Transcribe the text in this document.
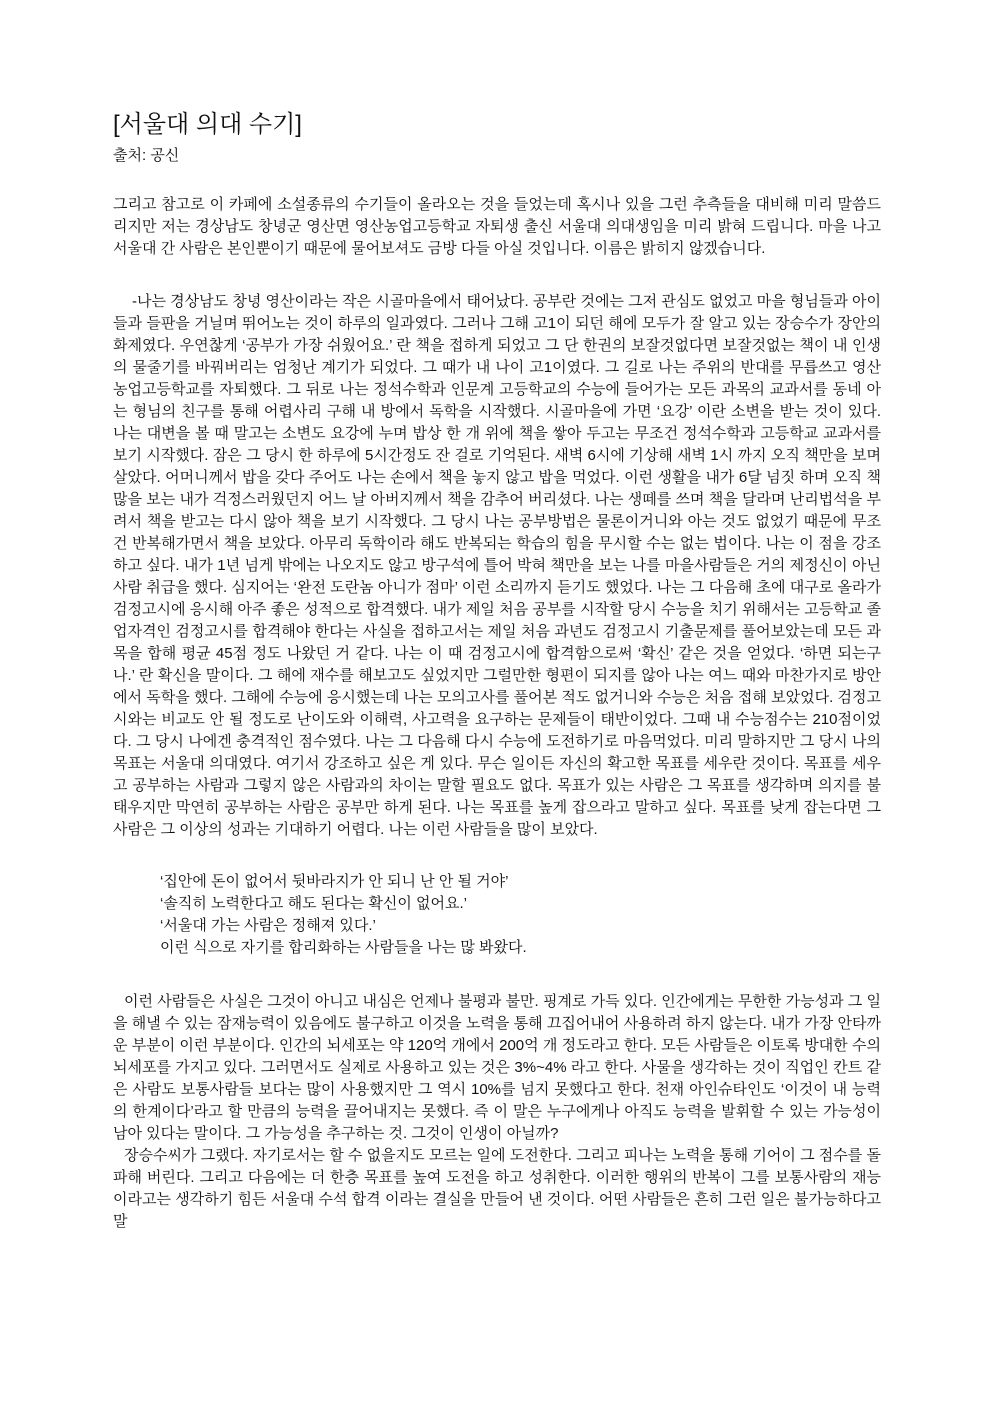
[서울대 의대 수기]
출처: 공신

그리고 참고로 이 카페에 소설종류의 수기들이 올라오는 것을 들었는데 혹시나 있을 그런 추측들을 대비해 미리 말씀드리지만 저는 경상남도 창녕군 영산면 영산농업고등학교 자퇴생 출신 서울대 의대생임을 미리 밝혀 드립니다. 마을 나고 서울대 간 사람은 본인뿐이기 때문에 물어보셔도 금방 다들 아실 것입니다. 이름은 밝히지 않겠습니다.

-나는 경상남도 창녕 영산이라는 작은 시골마을에서 태어났다. 공부란 것에는 그저 관심도 없었고 마을 형님들과 아이들과 들판을 거닐며 뛰어노는 것이 하루의 일과였다. 그러나 그해 고1이 되던 해에 모두가 잘 알고 있는 장승수가 장안의 화제였다. 우연찮게 ‘공부가 가장 쉬웠어요.’ 란 책을 접하게 되었고 그 단 한권의 보잘것없다면 보잘것없는 책이 내 인생의 물줄기를 바꿔버리는 엄청난 계기가 되었다. 그 때가 내 나이 고1이였다. 그 길로 나는 주위의 반대를 무릅쓰고 영산농업고등학교를 자퇴했다. 그 뒤로 나는 정석수학과 인문계 고등학교의 수능에 들어가는 모든 과목의 교과서를 동네 아는 형님의 친구를 통해 어렵사리 구해 내 방에서 독학을 시작했다. 시골마을에 가면 ‘요강’ 이란 소변을 받는 것이 있다. 나는 대변을 볼 때 말고는 소변도 요강에 누며 밥상 한 개 위에 책을 쌓아 두고는 무조건 정석수학과 고등학교 교과서를 보기 시작했다. 잠은 그 당시 한 하루에 5시간정도 잔 걸로 기억된다. 새벽 6시에 기상해 새벽 1시 까지 오직 책만을 보며 살았다. 어머니께서 밥을 갖다 주어도 나는 손에서 책을 놓지 않고 밥을 먹었다. 이런 생활을 내가 6달 넘짓 하며 오직 책 많을 보는 내가 걱정스러웠던지 어느 날 아버지께서 책을 감추어 버리셨다. 나는 생떼를 쓰며 책을 달라며 난리법석을 부려서 책을 받고는 다시 않아 책을 보기 시작했다. 그 당시 나는 공부방법은 물론이거니와 아는 것도 없었기 때문에 무조건 반복해가면서 책을 보았다. 아무리 독학이라 해도 반복되는 학습의 힘을 무시할 수는 없는 법이다. 나는 이 점을 강조하고 싶다. 내가 1년 넘게 밖에는 나오지도 않고 방구석에 틀어 박혀 책만을 보는 나를 마을사람들은 거의 제정신이 아닌 사람 취급을 했다. 심지어는 ‘완전 도란놈 아니가 점마’ 이런 소리까지 듣기도 했었다. 나는 그 다음해 초에 대구로 올라가 검정고시에 응시해 아주 좋은 성적으로 합격했다. 내가 제일 처음 공부를 시작할 당시 수능을 치기 위해서는 고등학교 졸업자격인 검정고시를 합격해야 한다는 사실을 접하고서는 제일 처음 과년도 검정고시 기출문제를 풀어보았는데 모든 과목을 합해 평균 45점 정도 나왔던 거 같다. 나는 이 때 검정고시에 합격함으로써 ‘확신’ 같은 것을 얻었다. ‘하면 되는구나.’ 란 확신을 말이다. 그 해에 재수를 해보고도 싶었지만 그럴만한 형편이 되지를 않아 나는 여느 때와 마찬가지로 방안에서 독학을 했다. 그해에 수능에 응시했는데 나는 모의고사를 풀어본 적도 없거니와 수능은 처음 접해 보았었다. 검정고시와는 비교도 안 될 정도로 난이도와 이해력, 사고력을 요구하는 문제들이 태반이었다. 그때 내 수능점수는 210점이었다. 그 당시 나에겐 충격적인 점수였다. 나는 그 다음해 다시 수능에 도전하기로 마음먹었다. 미리 말하지만 그 당시 나의 목표는 서울대 의대였다. 여기서 강조하고 싶은 게 있다. 무슨 일이든 자신의 확고한 목표를 세우란 것이다. 목표를 세우고 공부하는 사람과 그렇지 않은 사람과의 차이는 말할 필요도 없다. 목표가 있는 사람은 그 목표를 생각하며 의지를 불태우지만 막연히 공부하는 사람은 공부만 하게 된다. 나는 목표를 높게 잡으라고 말하고 싶다. 목표를 낮게 잡는다면 그 사람은 그 이상의 성과는 기대하기 어렵다. 나는 이런 사람들을 많이 보았다.

‘집안에 돈이 없어서 뒷바라지가 안 되니 난 안 될 거야’
‘솔직히 노력한다고 해도 된다는 확신이 없어요.’
‘서울대 가는 사람은 정해져 있다.’
이런 식으로 자기를 합리화하는 사람들을 나는 많 봐왔다.

이런 사람들은 사실은 그것이 아니고 내심은 언제나 불평과 불만. 핑계로 가득 있다. 인간에게는 무한한 가능성과 그 일을 해낼 수 있는 잠재능력이 있음에도 불구하고 이것을 노력을 통해 끄집어내어 사용하려 하지 않는다. 내가 가장 안타까운 부분이 이런 부분이다. 인간의 뇌세포는 약 120억 개에서 200억 개 정도라고 한다. 모든 사람들은 이토록 방대한 수의 뇌세포를 가지고 있다. 그러면서도 실제로 사용하고 있는 것은 3%~4% 라고 한다. 사물을 생각하는 것이 직업인 칸트 같은 사람도 보통사람들 보다는 많이 사용했지만 그 역시 10%를 넘지 못했다고 한다. 천재 아인슈타인도 ‘이것이 내 능력의 한계이다’라고 할 만큼의 능력을 끌어내지는 못했다. 즉 이 말은 누구에게나 아직도 능력을 발휘할 수 있는 가능성이 남아 있다는 말이다. 그 가능성을 추구하는 것. 그것이 인생이 아닐까?

장승수씨가 그랬다. 자기로서는 할 수 없을지도 모르는 일에 도전한다. 그리고 피나는 노력을 통해 기어이 그 점수를 돌파해 버린다. 그리고 다음에는 더 한층 목표를 높여 도전을 하고 성취한다. 이러한 행위의 반복이 그를 보통사람의 재능이라고는 생각하기 힘든 서울대 수석 합격 이라는 결실을 만들어 낸 것이다. 어떤 사람들은 흔히 그런 일은 불가능하다고 말
